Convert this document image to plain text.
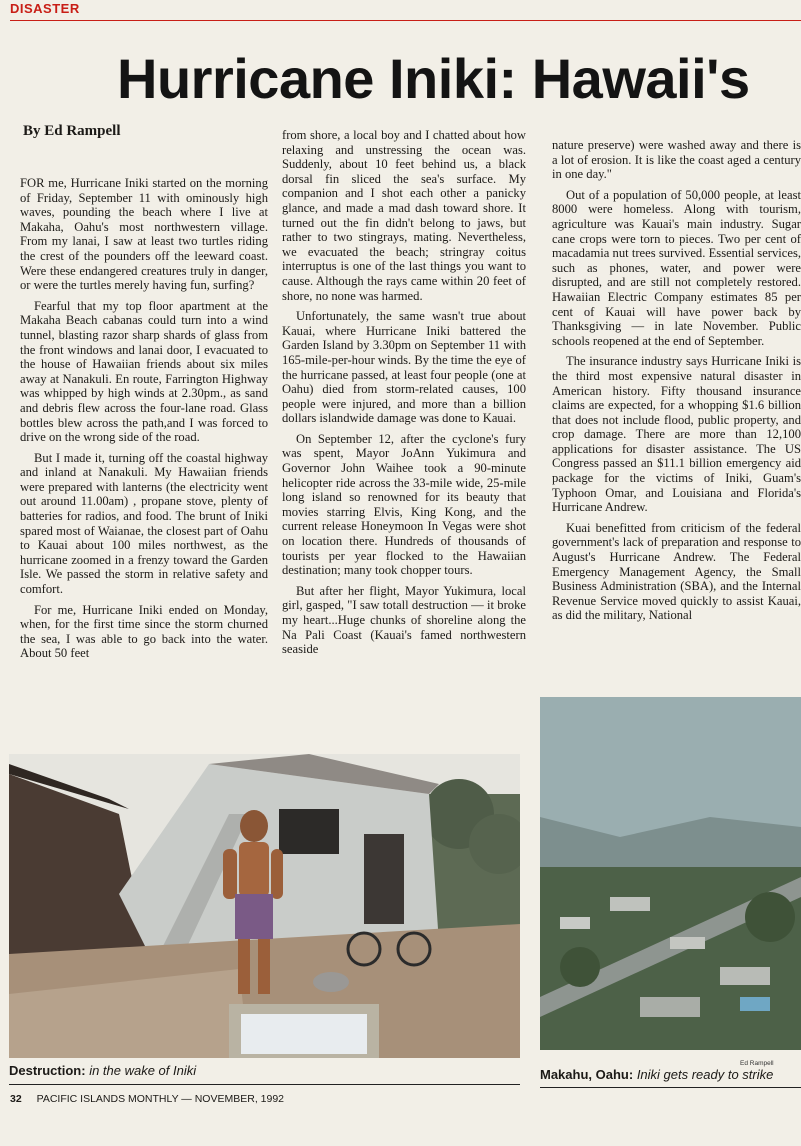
DISASTER
Hurricane Iniki: Hawaii's
By Ed Rampell

FOR me, Hurricane Iniki started on the morning of Friday, September 11 with ominously high waves, pounding the beach where I live at Makaha, Oahu's most northwestern village. From my lanai, I saw at least two turtles riding the crest of the pounders off the leeward coast. Were these endangered creatures truly in danger, or were the turtles merely having fun, surfing?

Fearful that my top floor apartment at the Makaha Beach cabanas could turn into a wind tunnel, blasting razor sharp shards of glass from the front windows and lanai door, I evacuated to the house of Hawaiian friends about six miles away at Nanakuli. En route, Farrington Highway was whipped by high winds at 2.30pm., as sand and debris flew across the four-lane road. Glass bottles blew across the path,and I was forced to drive on the wrong side of the road.

But I made it, turning off the coastal highway and inland at Nanakuli. My Hawaiian friends were prepared with lanterns (the electricity went out around 11.00am) , propane stove, plenty of batteries for radios, and food. The brunt of Iniki spared most of Waianae, the closest part of Oahu to Kauai about 100 miles northwest, as the hurricane zoomed in a frenzy toward the Garden Isle. We passed the storm in relative safety and comfort.

For me, Hurricane Iniki ended on Monday, when, for the first time since the storm churned the sea, I was able to go back into the water. About 50 feet

from shore, a local boy and I chatted about how relaxing and unstressing the ocean was. Suddenly, about 10 feet behind us, a black dorsal fin sliced the sea's surface. My companion and I shot each other a panicky glance, and made a mad dash toward shore. It turned out the fin didn't belong to jaws, but rather to two stingrays, mating. Nevertheless, we evacuated the beach; stringray coitus interruptus is one of the last things you want to cause. Although the rays came within 20 feet of shore, no none was harmed.

Unfortunately, the same wasn't true about Kauai, where Hurricane Iniki battered the Garden Island by 3.30pm on September 11 with 165-mile-per-hour winds. By the time the eye of the hurricane passed, at least four people (one at Oahu) died from storm-related causes, 100 people were injured, and more than a billion dollars islandwide damage was done to Kauai.

On September 12, after the cyclone's fury was spent, Mayor JoAnn Yukimura and Governor John Waihee took a 90-minute helicopter ride across the 33-mile wide, 25-mile long island so renowned for its beauty that movies starring Elvis, King Kong, and the current release Honeymoon In Vegas were shot on location there. Hundreds of thousands of tourists per year flocked to the Hawaiian destination; many took chopper tours.

But after her flight, Mayor Yukimura, local girl, gasped, "I saw totall destruction — it broke my heart...Huge chunks of shoreline along the Na Pali Coast (Kauai's famed northwestern seaside

nature preserve) were washed away and there is a lot of erosion. It is like the coast aged a century in one day."

Out of a population of 50,000 people, at least 8000 were homeless. Along with tourism, agriculture was Kauai's main industry. Sugar cane crops were torn to pieces. Two per cent of macadamia nut trees survived. Essential services, such as phones, water, and power were disrupted, and are still not completely restored. Hawaiian Electric Company estimates 85 per cent of Kauai will have power back by Thanksgiving — in late November. Public schools reopened at the end of September.

The insurance industry says Hurricane Iniki is the third most expensive natural disaster in American history. Fifty thousand insurance claims are expected, for a whopping $1.6 billion that does not include flood, public property, and crop damage. There are more than 12,100 applications for disaster assistance. The US Congress passed an $11.1 billion emergency aid package for the victims of Iniki, Guam's Typhoon Omar, and Louisiana and Florida's Hurricane Andrew.

Kuai benefitted from criticism of the federal government's lack of preparation and response to August's Hurricane Andrew. The Federal Emergency Management Agency, the Small Business Administration (SBA), and the Internal Revenue Service moved quickly to assist Kauai, as did the military, National

Ed Rampell
Destruction: in the wake of Iniki	Makahu, Oahu: Iniki gets ready to strike
32 PACIFIC ISLANDS MONTHLY — NOVEMBER, 1992
